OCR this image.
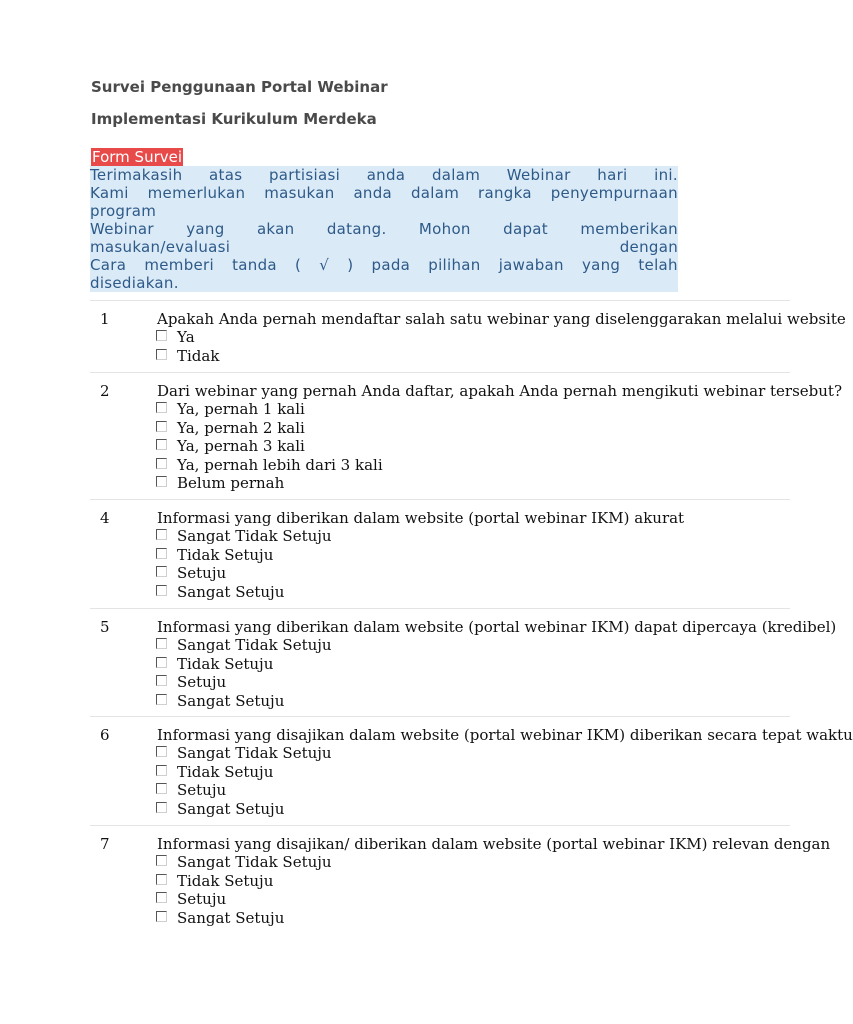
Survei Penggunaan Portal Webinar
Implementasi Kurikulum Merdeka
Form Survei
Terimakasih atas partisiasi anda dalam Webinar hari ini.
Kami memerlukan masukan anda dalam rangka penyempurnaan
program
Webinar yang akan datang. Mohon dapat memberikan
masukan/evaluasi	dengan
Cara memberi tanda ( √ ) pada pilihan jawaban yang telah
disediakan.
1	Apakah Anda pernah mendaftar salah satu webinar yang diselenggarakan melalui website
Ya
Tidak
2	Dari webinar yang pernah Anda daftar, apakah Anda pernah mengikuti webinar tersebut?
Ya, pernah 1 kali
Ya, pernah 2 kali
Ya, pernah 3 kali
Ya, pernah lebih dari 3 kali
Belum pernah
4	Informasi yang diberikan dalam website (portal webinar IKM) akurat
Sangat Tidak Setuju
Tidak Setuju
Setuju
Sangat Setuju
5	Informasi yang diberikan dalam website (portal webinar IKM) dapat dipercaya (kredibel)
Sangat Tidak Setuju
Tidak Setuju
Setuju
Sangat Setuju
6	Informasi yang disajikan dalam website (portal webinar IKM) diberikan secara tepat waktu
Sangat Tidak Setuju
Tidak Setuju
Setuju
Sangat Setuju
7	Informasi yang disajikan/ diberikan dalam website (portal webinar IKM) relevan dengan
Sangat Tidak Setuju
Tidak Setuju
Setuju
Sangat Setuju
